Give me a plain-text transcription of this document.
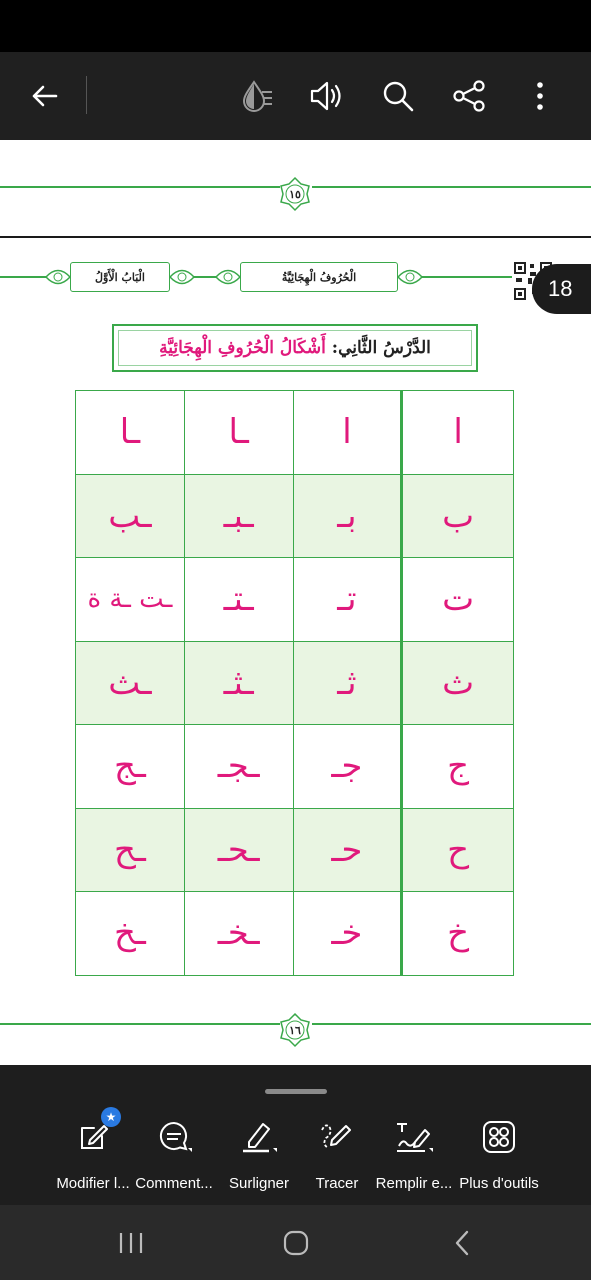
١٥
الْبَابُ الْأَوَّلُ	الْحُرُوفُ الْهِجَائِيَّةُ	18
الدَّرْسُ الثَّانِي:
أَشْكَالُ الْحُرُوفِ الْهِجَائِيَّةِ
ا	ا	ـا	ـا
ب	بـ	ـبـ	ـب
ت	تـ	ـتـ	ـت ـة ة
ث	ثـ	ـثـ	ـث
ج	جـ	ـجـ	ـج
ح	حـ	ـحـ	ـح
خ	خـ	ـخـ	ـخ
١٦
★
Modifier l... Comment... Surligner Tracer Remplir e... Plus d'outils
